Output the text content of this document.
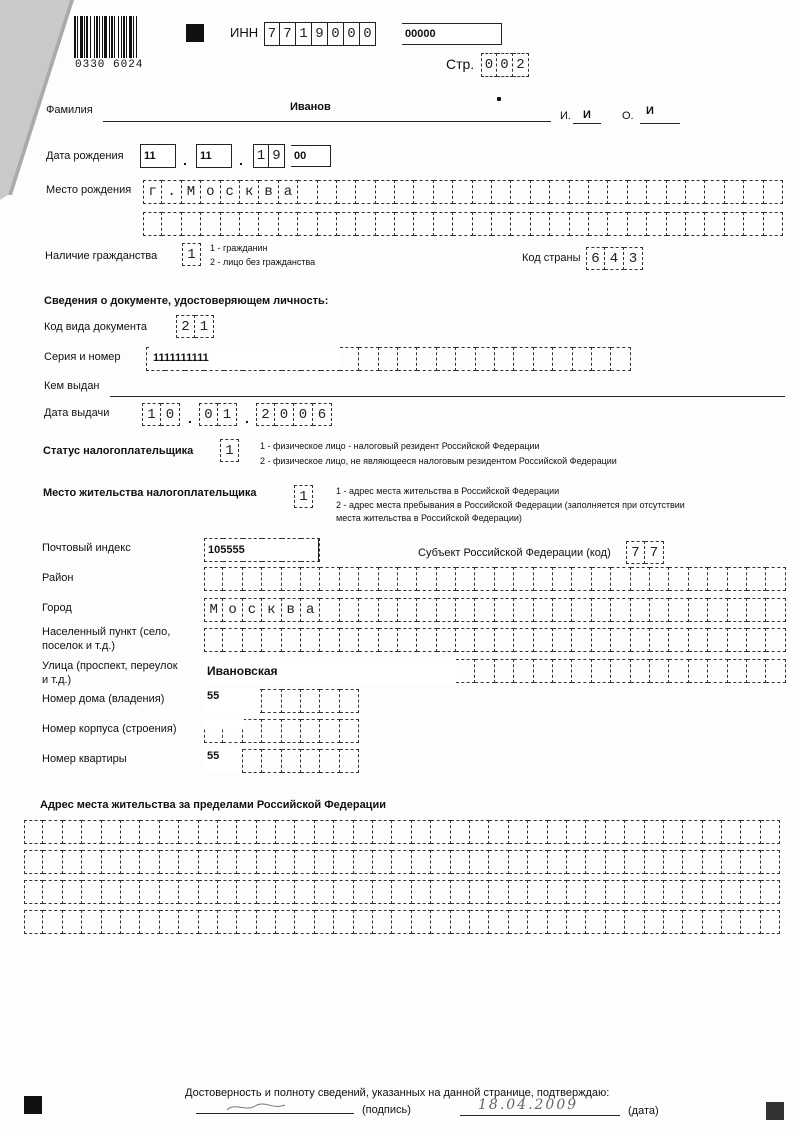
0330 6024
ИНН 7 7 1 9 0 0 0	00000
Стр. 0 0 2
Фамилия	Иванов
И. И	О. И
Дата рождения	11	.	11	. 1 9	00
Место рождения	г . М о с к в а
Наличие гражданства	1	1 - гражданин
2 - лицо без гражданства	Код страны 6 4 3
Сведения о документе, удостоверяющем личность:
Код вида документа	2 1
Серия и номер	1111111111
Кем выдан
Дата выдачи	1 0 . 0 1 . 2 0 0 6
Статус налогоплательщика	1	1 - физическое лицо - налоговый резидент Российской Федерации
2 - физическое лицо, не являющееся налоговым резидентом Российской Федерации
Место жительства налогоплательщика	1	1 - адрес места жительства в Российской Федерации
2 - адрес места пребывания в Российской Федерации (заполняется при отсутствии
места жительства в Российской Федерации)
Почтовый индекс	105555	Субъект Российской Федерации (код)	7 7
Район
Город	М о с к в а
Населенный пункт (село,
поселок и т.д.)
Улица (проспект, переулок
и т.д.)
Ивановская
Номер дома (владения)	55
Номер корпуса (строения)
Номер квартиры	55
Адрес места жительства за пределами Российской Федерации
Достоверность и полноту сведений, указанных на данной странице, подтверждаю:
(подпись)	18.04.2009	(дата)
